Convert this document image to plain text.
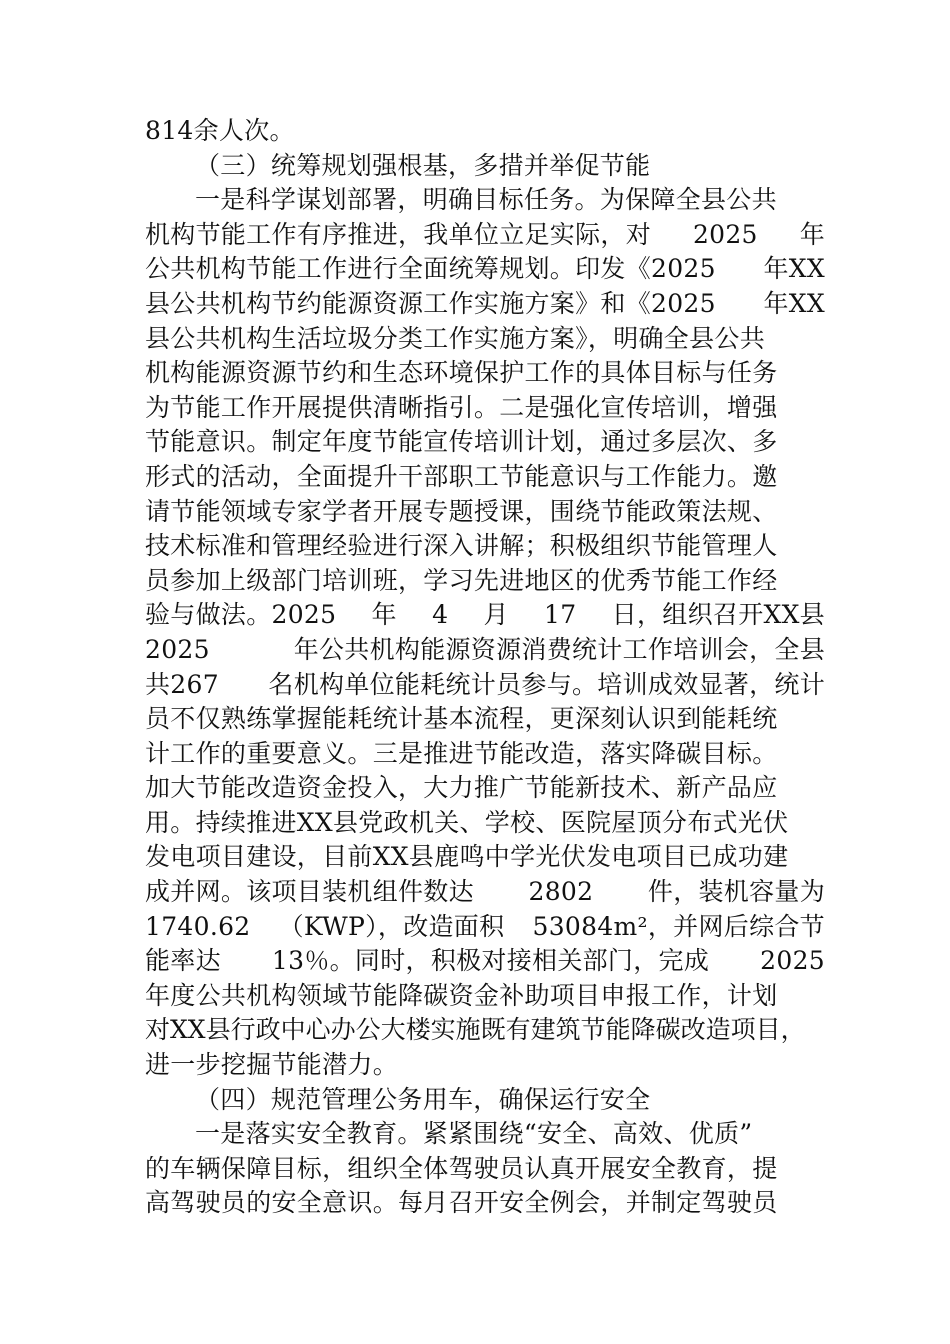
814余人次。
（三）统筹规划强根基，多措并举促节能
一是科学谋划部署，明确目标任务。为保障全县公共
机构节能工作有序推进，我单位立足实际，对 2025 年
公共机构节能工作进行全面统筹规划。印发《2025 年XX
县公共机构节约能源资源工作实施方案》和《2025 年XX
县公共机构生活垃圾分类工作实施方案》，明确全县公共
机构能源资源节约和生态环境保护工作的具体目标与任务
为节能工作开展提供清晰指引。二是强化宣传培训，增强
节能意识。制定年度节能宣传培训计划，通过多层次、多
形式的活动，全面提升干部职工节能意识与工作能力。邀
请节能领域专家学者开展专题授课，围绕节能政策法规、
技术标准和管理经验进行深入讲解；积极组织节能管理人
员参加上级部门培训班，学习先进地区的优秀节能工作经
验与做法。2025 年 4 月 17 日，组织召开XX县
2025	年公共机构能源资源消费统计工作培训会，全县
共267 名机构单位能耗统计员参与。培训成效显著，统计
员不仅熟练掌握能耗统计基本流程，更深刻认识到能耗统
计工作的重要意义。三是推进节能改造，落实降碳目标。
加大节能改造资金投入，大力推广节能新技术、新产品应
用。持续推进XX县党政机关、学校、医院屋顶分布式光伏
发电项目建设，目前XX县鹿鸣中学光伏发电项目已成功建
成并网。该项目装机组件数达 2802 件，装机容量为
1740.62 （KWP），改造面积 53084m²，并网后综合节
能率达 13％。同时，积极对接相关部门，完成 2025
年度公共机构领域节能降碳资金补助项目申报工作，计划
对XX县行政中心办公大楼实施既有建筑节能降碳改造项目，
进一步挖掘节能潜力。
（四）规范管理公务用车，确保运行安全
一是落实安全教育。紧紧围绕“安全、高效、优质”
的车辆保障目标，组织全体驾驶员认真开展安全教育，提
高驾驶员的安全意识。每月召开安全例会，并制定驾驶员
